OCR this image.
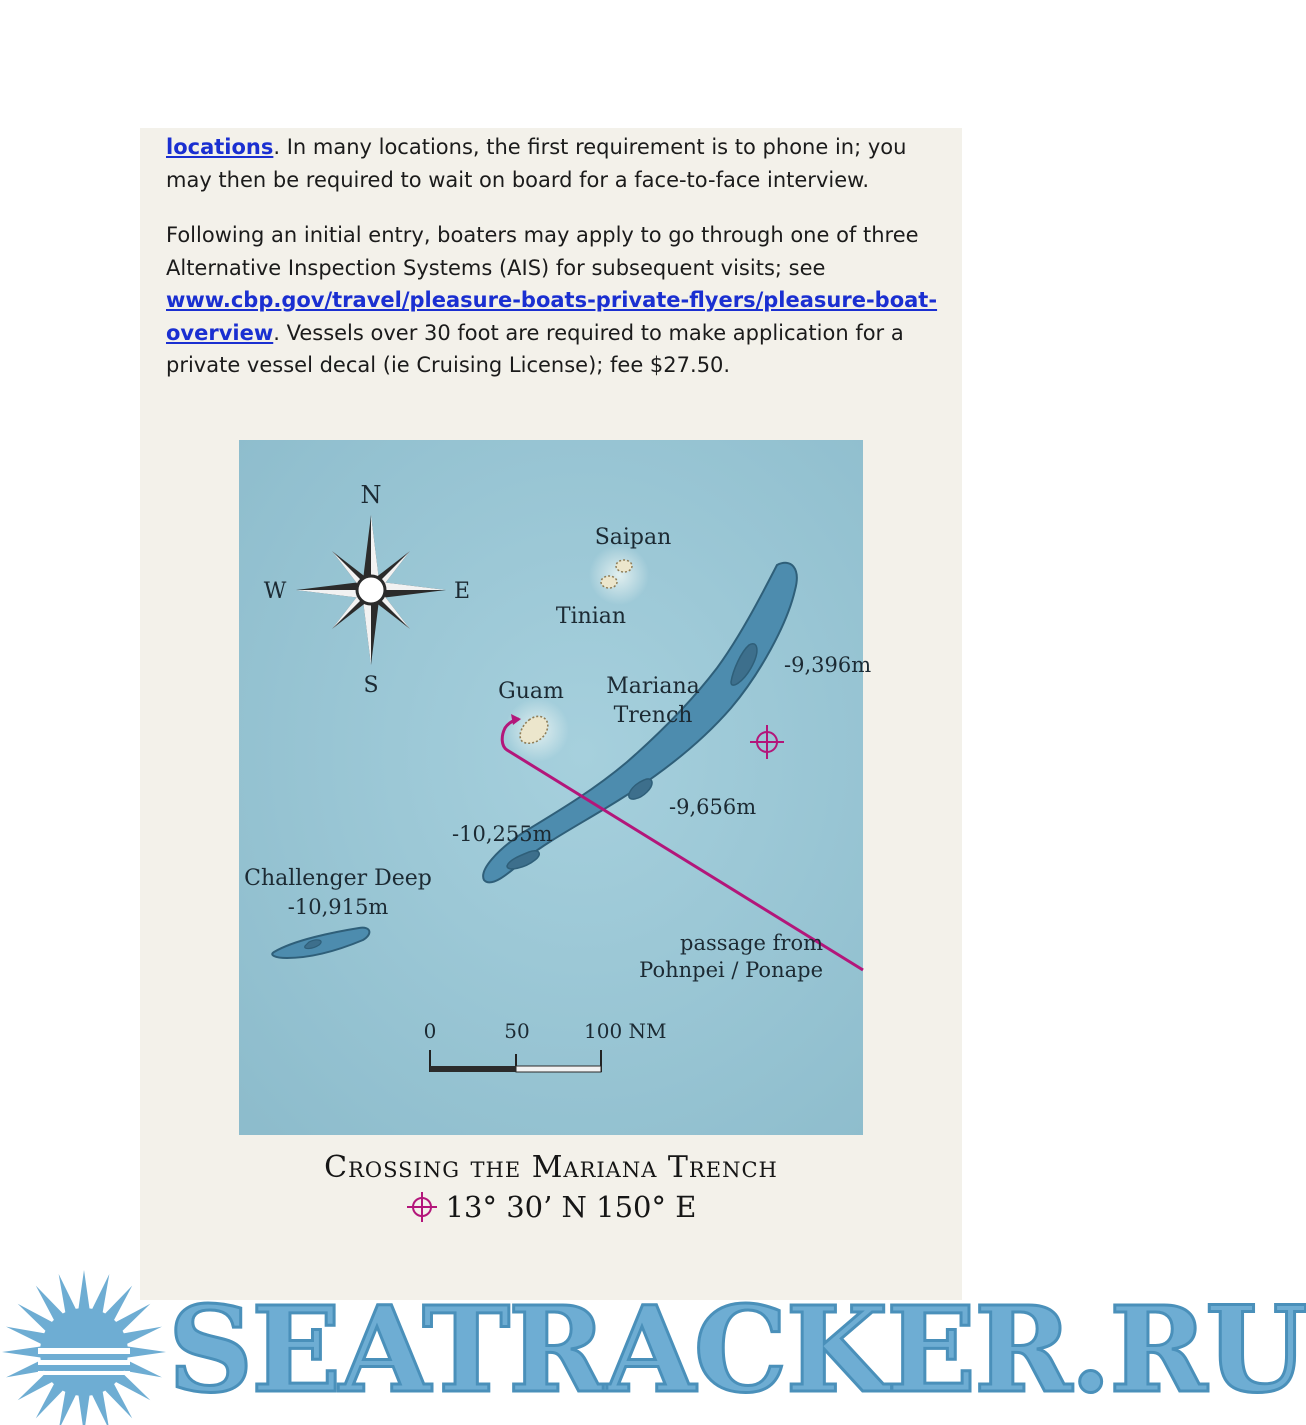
locations. In many locations, the first requirement is to phone in; you may then be required to wait on board for a face-to-face interview.
Following an initial entry, boaters may apply to go through one of three Alternative Inspection Systems (AIS) for subsequent visits; see www.cbp.gov/travel/pleasure-boats-private-flyers/pleasure-boat-overview. Vessels over 30 foot are required to make application for a private vessel decal (ie Cruising License); fee $27.50.
N
S
E
W
Saipan
Tinian
Guam Mariana
Trench
-9,396m
-9,656m
-10,255m
Challenger Deep
-10,915m
passage from
Pohnpei / Ponape
0	50	100 NM
Crossing the Mariana Trench
13° 30’ N 150° E
SEATRACKER.RU
